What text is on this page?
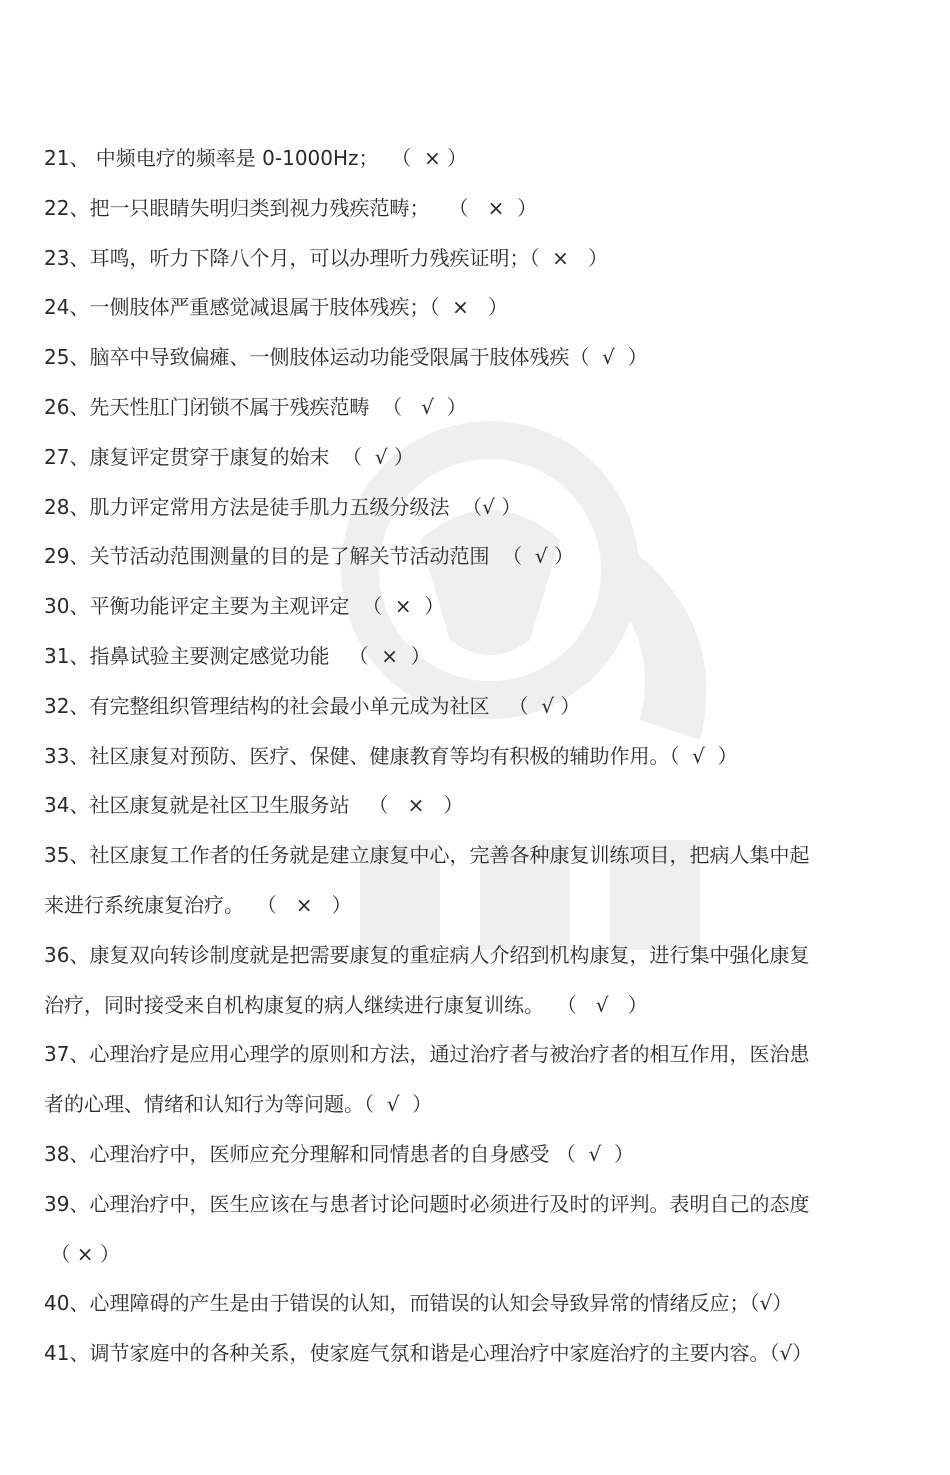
21、 中频电疗的频率是 0-1000Hz；  （  × ）
22、把一只眼睛失明归类到视力残疾范畴；   （   ×  ）
23、耳鸣，听力下降八个月，可以办理听力残疾证明；（  ×   ）
24、一侧肢体严重感觉减退属于肢体残疾；（  ×   ）
25、脑卒中导致偏瘫、一侧肢体运动功能受限属于肢体残疾（  √  ）
26、先天性肛门闭锁不属于残疾范畴  （   √  ）
27、康复评定贯穿于康复的始末  （  √ ）
28、肌力评定常用方法是徒手肌力五级分级法  （√ ）
29、关节活动范围测量的目的是了解关节活动范围  （  √ ）
30、平衡功能评定主要为主观评定  （  ×  ）
31、指鼻试验主要测定感觉功能   （  ×  ）
32、有完整组织管理结构的社会最小单元成为社区   （  √ ）
33、社区康复对预防、医疗、保健、健康教育等均有积极的辅助作用。（  √  ）
34、社区康复就是社区卫生服务站   （   ×   ）
35、社区康复工作者的任务就是建立康复中心，完善各种康复训练项目，把病人集中起
来进行系统康复治疗。  （   ×   ）
36、康复双向转诊制度就是把需要康复的重症病人介绍到机构康复，进行集中强化康复
治疗，同时接受来自机构康复的病人继续进行康复训练。  （   √   ）
37、心理治疗是应用心理学的原则和方法，通过治疗者与被治疗者的相互作用，医治患
者的心理、情绪和认知行为等问题。（  √  ）
38、心理治疗中，医师应充分理解和同情患者的自身感受 （  √  ）
39、心理治疗中，医生应该在与患者讨论问题时必须进行及时的评判。表明自己的态度
（ × ）
40、心理障碍的产生是由于错误的认知，而错误的认知会导致异常的情绪反应；（√）
41、调节家庭中的各种关系，使家庭气氛和谐是心理治疗中家庭治疗的主要内容。（√）
